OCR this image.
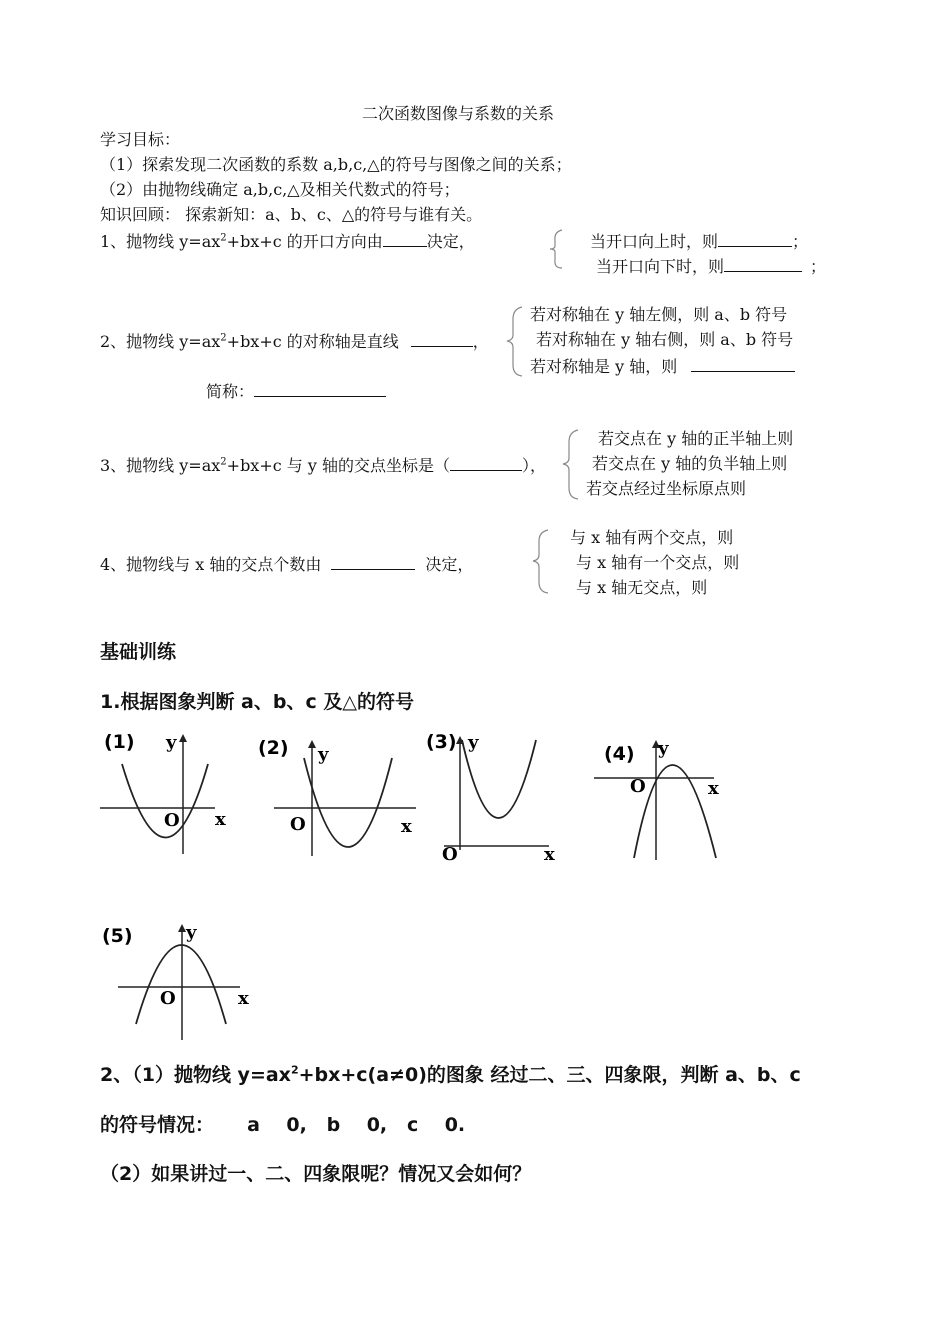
二次函数图像与系数的关系
学习目标：
（1）探索发现二次函数的系数 a,b,c,△的符号与图像之间的关系；
（2）由抛物线确定 a,b,c,△及相关代数式的符号；
知识回顾： 探索新知：a、b、c、△的符号与谁有关。
1、抛物线 $y=ax^2+bx+c$ 的开口方向由	决定，	当开口向上时，则	；
当开口向下时，则	；
2、抛物线 $y=ax^2+bx+c$ 的对称轴是直线	，
若对称轴在 y 轴左侧，则 a、b 符号
若对称轴在 y 轴右侧，则 a、b 符号
若对称轴是 y 轴，则
简称：
3、抛物线 $y=ax^2+bx+c$ 与 y 轴的交点坐标是（	），
若交点在 y 轴的正半轴上则
若交点在 y 轴的负半轴上则
若交点经过坐标原点则
4、抛物线与 x 轴的交点个数由	决定，
与 x 轴有两个交点，则
与 x 轴有一个交点，则
与 x 轴无交点，则
基础训练
1.根据图象判断 a、b、c 及△的符号
(1) y
x
O
(2) y
x
O
(3) y
x
O
(4) y
x
O
(5)	y
x
O
2、（1）抛物线 $y=ax^2+bx+c(a\ne 0)$的图象 经过二、三、四象限，判断 a、b、c
的符号情况：     a    0,   b    0,   c    0.
（2）如果讲过一、二、四象限呢？情况又会如何？
